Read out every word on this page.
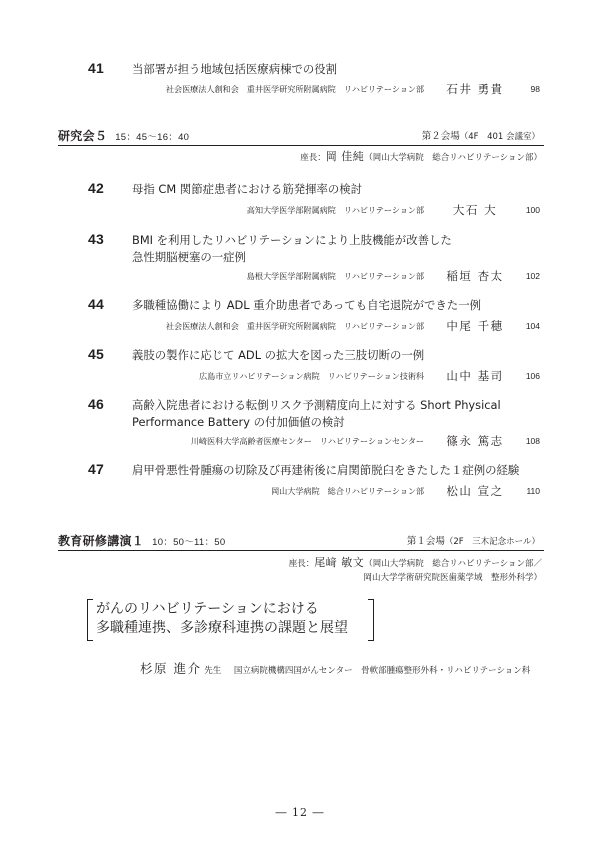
41	当部署が担う地域包括医療病棟での役割
社会医療法人創和会　重井医学研究所附属病院　リハビリテーション部	石井 勇貴	98
研究会５ 15：45～16：40	第２会場（4F　401 会議室）
座長：岡 佳純（岡山大学病院　総合リハビリテーション部）
42	母指 CM 関節症患者における筋発揮率の検討
高知大学医学部附属病院　リハビリテーション部	大石 大	100
43	BMI を利用したリハビリテーションにより上肢機能が改善した
急性期脳梗塞の一症例
島根大学医学部附属病院　リハビリテーション部	稲垣 杏太	102
44	多職種協働により ADL 重介助患者であっても自宅退院ができた一例
社会医療法人創和会　重井医学研究所附属病院　リハビリテーション部	中尾 千穂	104
45	義肢の製作に応じて ADL の拡大を図った三肢切断の一例
広島市立リハビリテーション病院　リハビリテーション技術科	山中 基司	106
46	高齢入院患者における転倒リスク予測精度向上に対する Short Physical
Performance Battery の付加価値の検討
川崎医科大学高齢者医療センター　リハビリテーションセンター	篠永 篤志	108
47	肩甲骨悪性骨腫瘍の切除及び再建術後に肩関節脱臼をきたした１症例の経験
岡山大学病院　総合リハビリテーション部	松山 宣之	110
教育研修講演１ 10：50～11：50	第１会場（2F　三木記念ホール）
座長：尾﨑 敏文（岡山大学病院　総合リハビリテーション部／
岡山大学学術研究院医歯薬学域　整形外科学）
がんのリハビリテーションにおける
多職種連携、多診療科連携の課題と展望
杉原 進介 先生 国立病院機構四国がんセンター　骨軟部腫瘍整形外科・リハビリテーション科
― 12 ―
